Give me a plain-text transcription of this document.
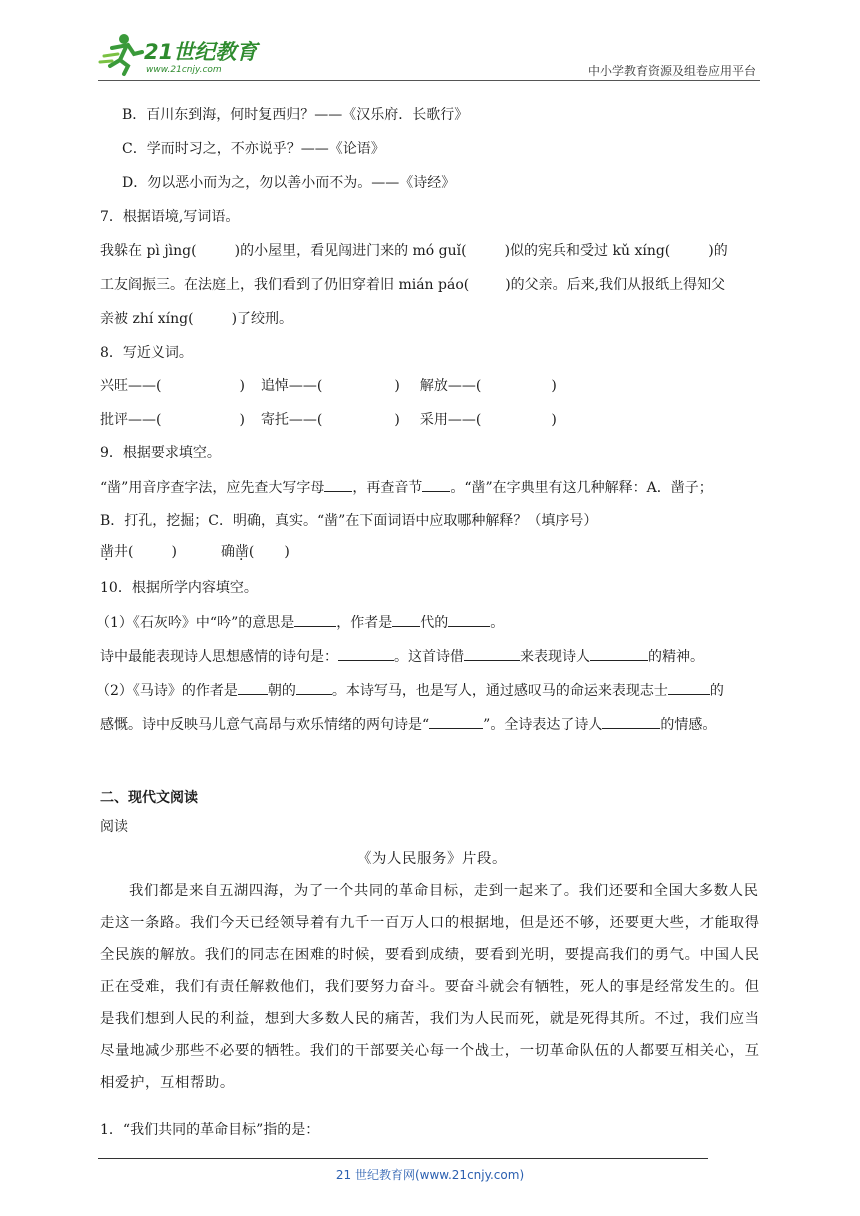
21世纪教育
www.21cnjy.com	中小学教育资源及组卷应用平台
B．百川东到海，何时复西归？——《汉乐府．长歌行》
C．学而时习之，不亦说乎？——《论语》
D．勿以恶小而为之，勿以善小而不为。——《诗经》
7．根据语境,写词语。
我躲在 pì jìng(	)的小屋里，看见闯进门来的 mó guǐ(	)似的宪兵和受过 kǔ xíng(	)的
工友阎振三。在法庭上，我们看到了仍旧穿着旧 mián páo(	)的父亲。后来,我们从报纸上得知父
亲被 zhí xíng(	)了绞刑。
8．写近义词。
兴旺——(	) 追悼——(	) 解放——(	)
批评——(	) 寄托——(	) 采用——(	)
9．根据要求填空。
“凿”用音序查字法，应先查大写字母 ，再查音节 。“凿”在字典里有这几种解释：A．凿子；
B．打孔，挖掘；C．明确，真实。“凿”在下面词语中应取哪种解释？（填序号）
凿井(	)	确凿( · )
10．根据所学内容填空。
（1）《石灰吟》中“吟”的意思是	，作者是 代的	。
诗中最能表现诗人思想感情的诗句是：	。这首诗借	来表现诗人	的精神。
（2）《马诗》的作者是 朝的	。本诗写马，也是写人，通过感叹马的命运来表现志士	的
感慨。诗中反映马儿意气高昂与欢乐情绪的两句诗是“	”。全诗表达了诗人	的情感。
二、现代文阅读
阅读
《为人民服务》片段。
我们都是来自五湖四海，为了一个共同的革命目标，走到一起来了。我们还要和全国大多数人民
走这一条路。我们今天已经领导着有九千一百万人口的根据地，但是还不够，还要更大些，才能取得
全民族的解放。我们的同志在困难的时候，要看到成绩，要看到光明，要提高我们的勇气。中国人民
正在受难，我们有责任解救他们，我们要努力奋斗。要奋斗就会有牺牲，死人的事是经常发生的。但
是我们想到人民的利益，想到大多数人民的痛苦，我们为人民而死，就是死得其所。不过，我们应当
尽量地减少那些不必要的牺牲。我们的干部要关心每一个战士，一切革命队伍的人都要互相关心，互
相爱护，互相帮助。
1．“我们共同的革命目标”指的是：
21 世纪教育网(www.21cnjy.com)
